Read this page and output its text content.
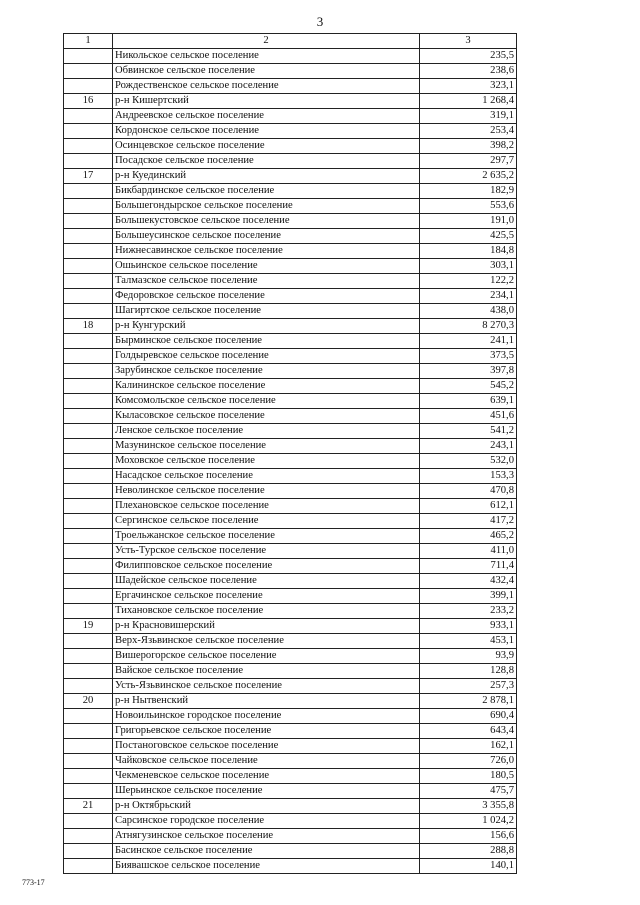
3
1	2	3
	Никольское сельское поселение	235,5
	Обвинское сельское поселение	238,6
	Рождественское сельское поселение	323,1
16	р-н Кишертский	1 268,4
	Андреевское сельское поселение	319,1
	Кордонское сельское поселение	253,4
	Осинцевское сельское поселение	398,2
	Посадское сельское поселение	297,7
17	р-н Куединский	2 635,2
	Бикбардинское сельское поселение	182,9
	Большегондырское сельское поселение	553,6
	Большекустовское сельское поселение	191,0
	Большеусинское сельское поселение	425,5
	Нижнесавинское сельское поселение	184,8
	Ошьинское сельское поселение	303,1
	Талмазское сельское поселение	122,2
	Федоровское сельское поселение	234,1
	Шагиртское сельское поселение	438,0
18	р-н Кунгурский	8 270,3
	Бырминское сельское поселение	241,1
	Голдыревское сельское поселение	373,5
	Зарубинское сельское поселение	397,8
	Калининское сельское поселение	545,2
	Комсомольское сельское поселение	639,1
	Кыласовское сельское поселение	451,6
	Ленское сельское поселение	541,2
	Мазунинское сельское поселение	243,1
	Моховское сельское поселение	532,0
	Насадское сельское поселение	153,3
	Неволинское сельское поселение	470,8
	Плехановское сельское поселение	612,1
	Сергинское сельское поселение	417,2
	Троельжанское сельское поселение	465,2
	Усть-Турское сельское поселение	411,0
	Филипповское сельское поселение	711,4
	Шадейское сельское поселение	432,4
	Ергачинское сельское поселение	399,1
	Тихановское сельское поселение	233,2
19	р-н Красновишерский	933,1
	Верх-Язьвинское сельское поселение	453,1
	Вишерогорское сельское поселение	93,9
	Вайское сельское поселение	128,8
	Усть-Язьвинское сельское поселение	257,3
20	р-н Нытвенский	2 878,1
	Новоильинское городское поселение	690,4
	Григорьевское сельское поселение	643,4
	Постаноговское сельское поселение	162,1
	Чайковское сельское поселение	726,0
	Чекменевское сельское поселение	180,5
	Шерьинское сельское поселение	475,7
21	р-н Октябрьский	3 355,8
	Сарсинское городское поселение	1 024,2
	Атнягузинское сельское поселение	156,6
	Басинское сельское поселение	288,8
	Биявашское сельское поселение	140,1
773-17
